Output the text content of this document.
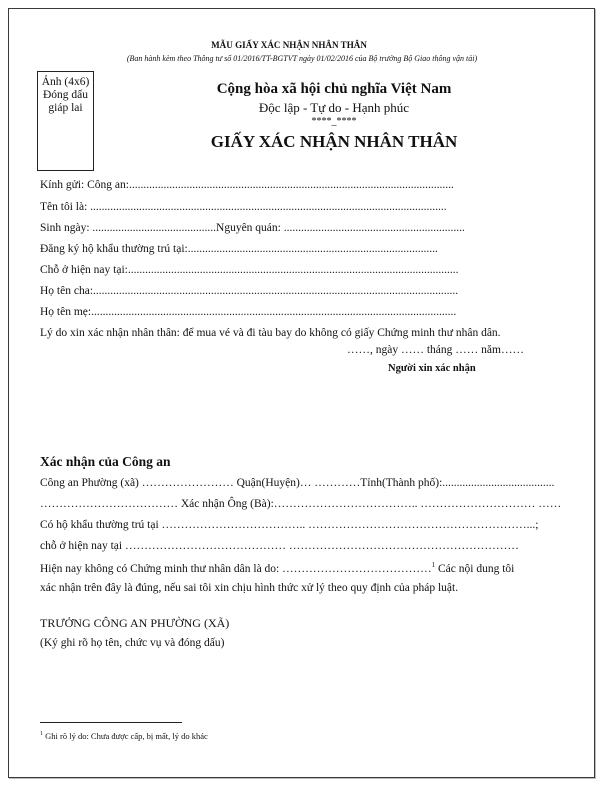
MẪU GIẤY XÁC NHẬN NHÂN THÂN
(Ban hành kèm theo Thông tư số 01/2016/TT-BGTVT ngày 01/02/2016 của Bộ trưởng Bộ Giao thông vận tải)
Ảnh (4x6)
Đóng dấu
giáp lai
Cộng hòa xã hội chủ nghĩa Việt Nam
Độc lập - Tự do - Hạnh phúc
****_****
GIẤY XÁC NHẬN NHÂN THÂN
Kính gửi: Công an:.................................................................................................................
Tên tôi là: ............................................................................................................................
Sinh ngày: ...........................................Nguyên quán: ...............................................................
Đăng ký hộ khẩu thường trú tại:.......................................................................................
Chỗ ở hiện nay tại:...................................................................................................................
Họ tên cha:...............................................................................................................................
Họ tên mẹ:...............................................................................................................................
Lý do xin xác nhận nhân thân: để mua vé và đi tàu bay do không có giấy Chứng minh thư nhân dân.
……, ngày …… tháng …… năm……
Người xin xác nhận
Xác nhận của Công an
Công an Phường (xã) …………………… Quận(Huyện)… …………Tỉnh(Thành phố):.......................................
……………………………… Xác nhận Ông (Bà):……………………………….. ………………………… ……
Có hộ khẩu thường trú tại ……………………………….. …………………………………………………...;
chỗ ở hiện nay tại …………………………………… ……………………………………………………
Hiện nay không có Chứng minh thư nhân dân là do: …………………………………$^1$ Các nội dung tôi
xác nhận trên đây là đúng, nếu sai tôi xin chịu hình thức xử lý theo quy định của pháp luật.
TRƯỞNG CÔNG AN PHƯỜNG (XÃ)
(Ký ghi rõ họ tên, chức vụ và đóng dấu)
$^1$ Ghi rõ lý do: Chưa được cấp, bị mất, lý do khác
